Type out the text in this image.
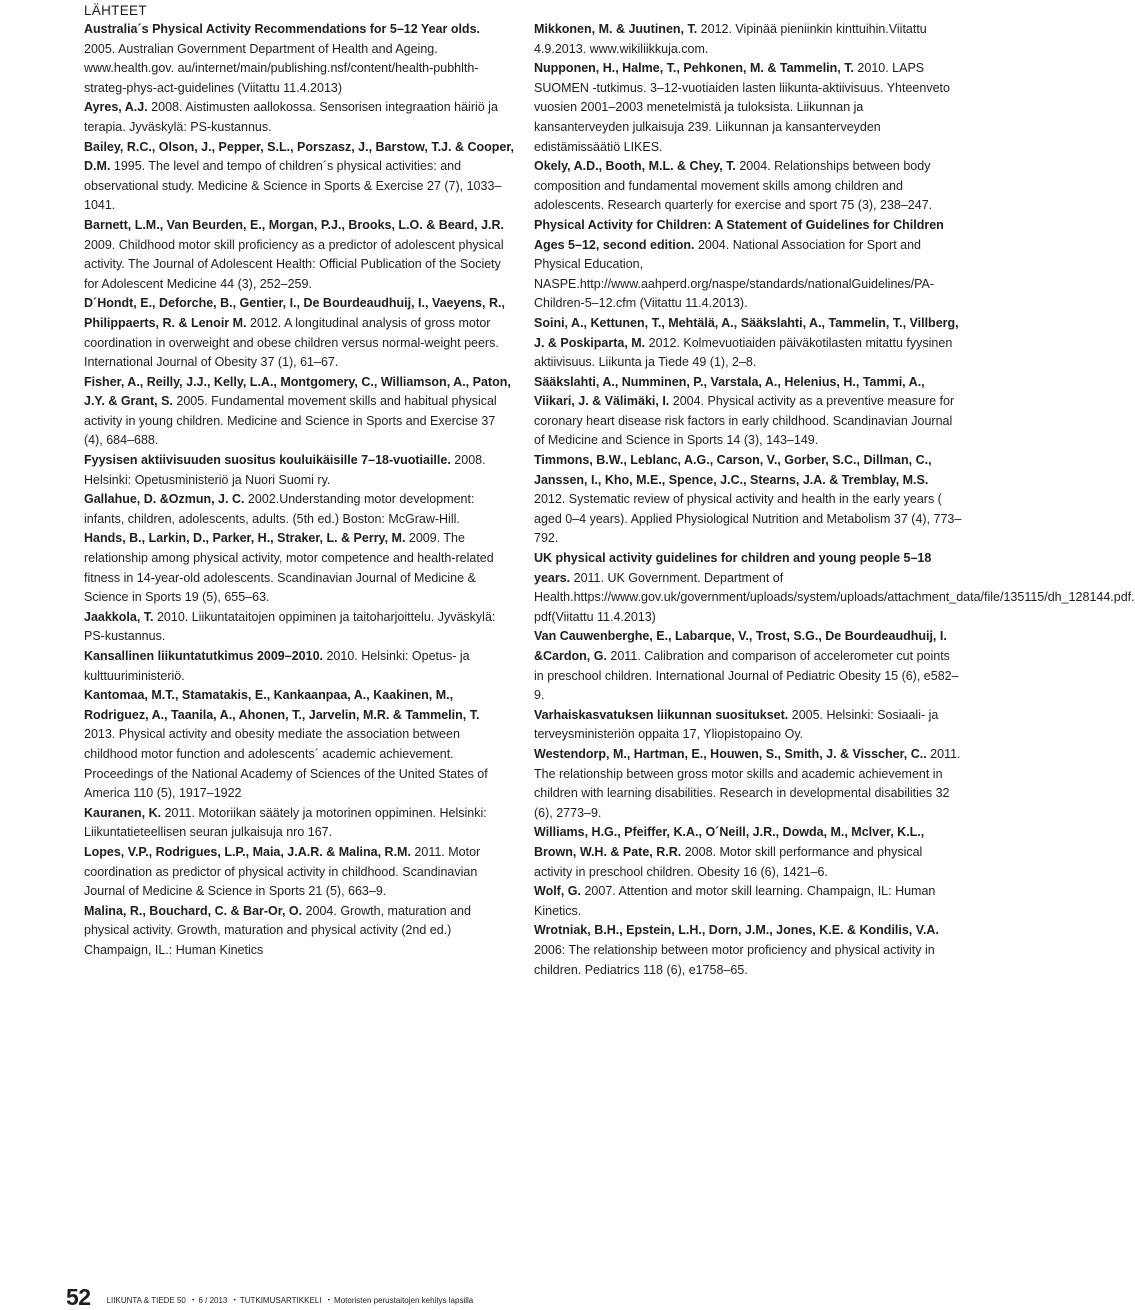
LÄHTEET

Australia´s Physical Activity Recommendations for 5–12 Year olds. 2005. Australian Government Department of Health and Ageing. www.health.gov. au/internet/main/publishing.nsf/content/health-pubhlth-strateg-phys-act-guidelines (Viitattu 11.4.2013)

Ayres, A.J. 2008. Aistimusten aallokossa. Sensorisen integraation häiriö ja terapia. Jyväskylä: PS-kustannus.

Bailey, R.C., Olson, J., Pepper, S.L., Porszasz, J., Barstow, T.J. & Cooper, D.M. 1995. The level and tempo of children´s physical activities: and observational study. Medicine & Science in Sports & Exercise 27 (7), 1033–1041.

Barnett, L.M., Van Beurden, E., Morgan, P.J., Brooks, L.O. & Beard, J.R. 2009. Childhood motor skill proficiency as a predictor of adolescent physical activity. The Journal of Adolescent Health: Official Publication of the Society for Adolescent Medicine 44 (3), 252–259.

D´Hondt, E., Deforche, B., Gentier, I., De Bourdeaudhuij, I., Vaeyens, R., Philippaerts, R. & Lenoir M. 2012. A longitudinal analysis of gross motor coordination in overweight and obese children versus normal-weight peers. International Journal of Obesity 37 (1), 61–67.

Fisher, A., Reilly, J.J., Kelly, L.A., Montgomery, C., Williamson, A., Paton, J.Y. & Grant, S. 2005. Fundamental movement skills and habitual physical activity in young children. Medicine and Science in Sports and Exercise 37 (4), 684–688.

Fyysisen aktiivisuuden suositus kouluikäisille 7–18-vuotiaille. 2008. Helsinki: Opetusministeriö ja Nuori Suomi ry.

Gallahue, D. &Ozmun, J. C. 2002.Understanding motor development: infants, children, adolescents, adults. (5th ed.) Boston: McGraw-Hill.

Hands, B., Larkin, D., Parker, H., Straker, L. & Perry, M. 2009. The relationship among physical activity, motor competence and health-related fitness in 14-year-old adolescents. Scandinavian Journal of Medicine & Science in Sports 19 (5), 655–63.

Jaakkola, T. 2010. Liikuntataitojen oppiminen ja taitoharjoittelu. Jyväskylä: PS-kustannus.

Kansallinen liikuntatutkimus 2009–2010. 2010. Helsinki: Opetus- ja kulttuuriministeriö.

Kantomaa, M.T., Stamatakis, E., Kankaanpaa, A., Kaakinen, M., Rodriguez, A., Taanila, A., Ahonen, T., Jarvelin, M.R. & Tammelin, T. 2013. Physical activity and obesity mediate the association between childhood motor function and adolescents´ academic achievement. Proceedings of the National Academy of Sciences of the United States of America 110 (5), 1917–1922

Kauranen, K. 2011. Motoriikan säätely ja motorinen oppiminen. Helsinki: Liikuntatieteellisen seuran julkaisuja nro 167.

Lopes, V.P., Rodrigues, L.P., Maia, J.A.R. & Malina, R.M. 2011. Motor coordination as predictor of physical activity in childhood. Scandinavian Journal of Medicine & Science in Sports 21 (5), 663–9.

Malina, R., Bouchard, C. & Bar-Or, O. 2004. Growth, maturation and physical activity. Growth, maturation and physical activity (2nd ed.) Champaign, IL.: Human Kinetics

Mikkonen, M. & Juutinen, T. 2012. Vipinää pieniinkin kinttuihin.Viitattu 4.9.2013. www.wikiliikkuja.com.

Nupponen, H., Halme, T., Pehkonen, M. & Tammelin, T. 2010. LAPS SUOMEN -tutkimus. 3–12-vuotiaiden lasten liikunta-aktiivisuus. Yhteenveto vuosien 2001–2003 menetelmistä ja tuloksista. Liikunnan ja kansanterveyden julkaisuja 239. Liikunnan ja kansanterveyden edistämissäätiö LIKES.

Okely, A.D., Booth, M.L. & Chey, T. 2004. Relationships between body composition and fundamental movement skills among children and adolescents. Research quarterly for exercise and sport 75 (3), 238–247.

Physical Activity for Children: A Statement of Guidelines for Children Ages 5–12, second edition. 2004. National Association for Sport and Physical Education, NASPE.http://www.aahperd.org/naspe/standards/nationalGuidelines/PA-Children-5–12.cfm (Viitattu 11.4.2013).

Soini, A., Kettunen, T., Mehtälä, A., Sääkslahti, A., Tammelin, T., Villberg, J. & Poskiparta, M. 2012. Kolmevuotiaiden päiväkotilasten mitattu fyysinen aktiivisuus. Liikunta ja Tiede 49 (1), 2–8.

Sääkslahti, A., Numminen, P., Varstala, A., Helenius, H., Tammi, A., Viikari, J. & Välimäki, I. 2004. Physical activity as a preventive measure for coronary heart disease risk factors in early childhood. Scandinavian Journal of Medicine and Science in Sports 14 (3), 143–149.

Timmons, B.W., Leblanc, A.G., Carson, V., Gorber, S.C., Dillman, C., Janssen, I., Kho, M.E., Spence, J.C., Stearns, J.A. & Tremblay, M.S. 2012. Systematic review of physical activity and health in the early years ( aged 0–4 years). Applied Physiological Nutrition and Metabolism 37 (4), 773–792.

UK physical activity guidelines for children and young people 5–18 years. 2011. UK Government. Department of Health.https://www.gov.uk/government/uploads/system/uploads/attachment_data/file/135115/dh_128144.pdf. pdf(Viitattu 11.4.2013)

Van Cauwenberghe, E., Labarque, V., Trost, S.G., De Bourdeaudhuij, I. &Cardon, G. 2011. Calibration and comparison of accelerometer cut points in preschool children. International Journal of Pediatric Obesity 15 (6), e582–9.

Varhaiskasvatuksen liikunnan suositukset. 2005. Helsinki: Sosiaali- ja terveysministeriön oppaita 17, Yliopistopaino Oy.

Westendorp, M., Hartman, E., Houwen, S., Smith, J. & Visscher, C.. 2011. The relationship between gross motor skills and academic achievement in children with learning disabilities. Research in developmental disabilities 32 (6), 2773–9.

Williams, H.G., Pfeiffer, K.A., O´Neill, J.R., Dowda, M., Mclver, K.L., Brown, W.H. & Pate, R.R. 2008. Motor skill performance and physical activity in preschool children. Obesity 16 (6), 1421–6.

Wolf, G. 2007. Attention and motor skill learning. Champaign, IL: Human Kinetics.

Wrotniak, B.H., Epstein, L.H., Dorn, J.M., Jones, K.E. & Kondilis, V.A. 2006: The relationship between motor proficiency and physical activity in children. Pediatrics 118 (6), e1758–65.

52 LIIKUNTA & TIEDE 50 • 6 / 2013 • TUTKIMUSARTIKKELI • Motoristen perustaitojen kehitys lapsilla
